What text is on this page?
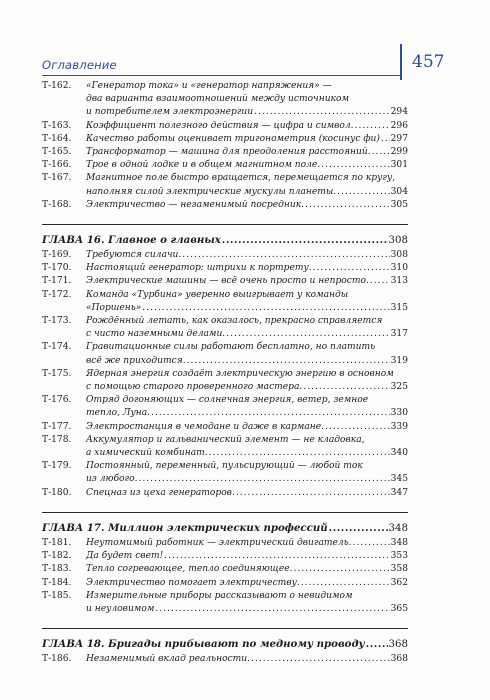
Оглавление	457
Т-162.	«Генератор тока» и «генератор напряжения» —
два варианта взаимоотношений между источником
и потребителем электроэнергии .....	294
Т-163.	Коэффициент полезного действия — цифра и символ. .....	296
Т-164.	Качество работы оценивает тригонометрия (косинус фи) ..... 297
Т-165.	Трансформатор — машина для преодоления расстояний. ..... 299
Т-166.	Трое в одной лодке и в общем магнитном поле. .....	301
Т-167.	Магнитное поле быстро вращается, перемещается по кругу,
наполняя силой электрические мускулы планеты. .....	304
Т-168.	Электричество — незаменимый посредник. .....	305
ГЛАВА 16. Главное о главных .....	308
Т-169.	Требуются силачи. .....	308
Т-170.	Настоящий генератор: штрихи к портрету. .....	310
Т-171.	Электрические машины — всё очень просто и непросто. ..... 313
Т-172.	Команда «Турбина» уверенно выигрывает у команды
«Поршень» .....	315
Т-173.	Рождённый летать, как оказалось, прекрасно справляется
с чисто наземными делами. .....	317
Т-174.	Гравитационные силы работают бесплатно, но платить
всё же приходится. .....	319
Т-175.	Ядерная энергия создаёт электрическую энергию в основном
с помощью старого проверенного мастера. .....	325
Т-176.	Отряд догоняющих — солнечная энергия, ветер, земное
тепло, Луна. .....	330
Т-177.	Электростанция в чемодане и даже в кармане. .....	339
Т-178.	Аккумулятор и гальванический элемент — не кладовка,
а химический комбинат. .....	340
Т-179.	Постоянный, переменный, пульсирующий — любой ток
из любого. .....	345
Т-180.	Спецназ из цеха генераторов. .....	347
ГЛАВА 17. Миллион электрических профессий .....	348
Т-181.	Неутомимый работник — электрический двигатель. .....	348
Т-182.	Да будет свет! .....	353
Т-183.	Тепло согревающее, тепло соединяющее. .....	358
Т-184.	Электричество помогает электричеству. .....	362
Т-185.	Измерительные приборы рассказывают о невидимом
и неуловимом .....	365
ГЛАВА 18. Бригады прибывают по медному проводу ..... 368
Т-186.	Незаменимый вклад реальности. .....	368
